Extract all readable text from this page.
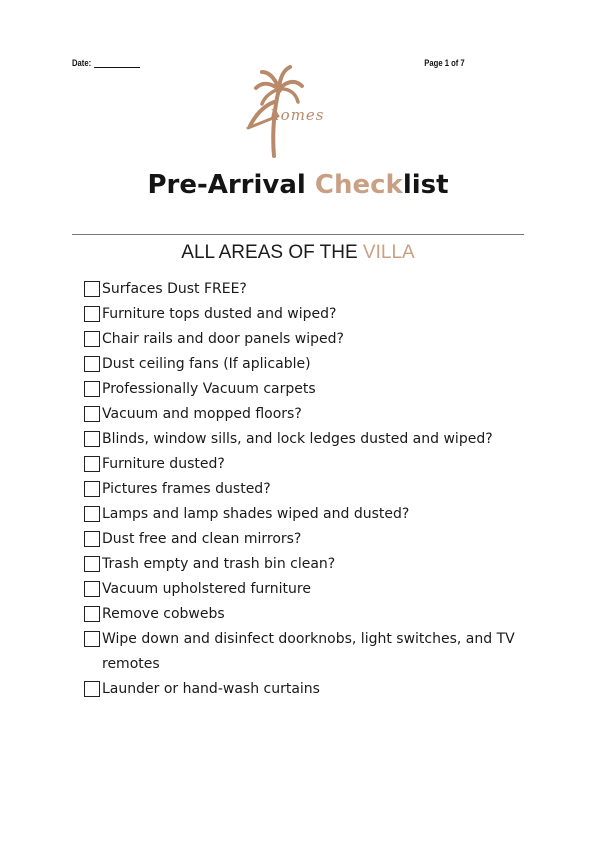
Date:	Page 1 of 7
homes
Pre-Arrival Checklist
ALL AREAS OF THE VILLA
Surfaces Dust FREE?
Furniture tops dusted and wiped?
Chair rails and door panels wiped?
Dust ceiling fans (If aplicable)
Professionally Vacuum carpets
Vacuum and mopped floors?
Blinds, window sills, and lock ledges dusted and wiped?
Furniture dusted?
Pictures frames dusted?
Lamps and lamp shades wiped and dusted?
Dust free and clean mirrors?
Trash empty and trash bin clean?
Vacuum upholstered furniture
Remove cobwebs
Wipe down and disinfect doorknobs, light switches, and TV remotes
Launder or hand-wash curtains
